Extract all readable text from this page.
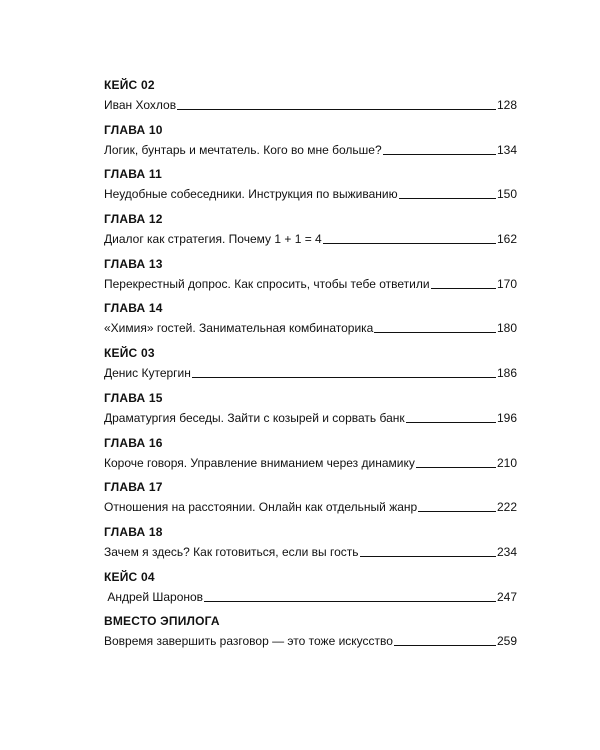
КЕЙС 02
Иван Хохлов	128
ГЛАВА 10
Логик, бунтарь и мечтатель. Кого во мне больше?	134
ГЛАВА 11
Неудобные собеседники. Инструкция по выживанию	150
ГЛАВА 12
Диалог как стратегия. Почему 1 + 1 = 4	162
ГЛАВА 13
Перекрестный допрос. Как спросить, чтобы тебе ответили	170
ГЛАВА 14
«Химия» гостей. Занимательная комбинаторика	180
КЕЙС 03
Денис Кутергин	186
ГЛАВА 15
Драматургия беседы. Зайти с козырей и сорвать банк	196
ГЛАВА 16
Короче говоря. Управление вниманием через динамику	210
ГЛАВА 17
Отношения на расстоянии. Онлайн как отдельный жанр	222
ГЛАВА 18
Зачем я здесь? Как готовиться, если вы гость	234
КЕЙС 04
Андрей Шаронов	247
ВМЕСТО ЭПИЛОГА
Вовремя завершить разговор — это тоже искусство	259
